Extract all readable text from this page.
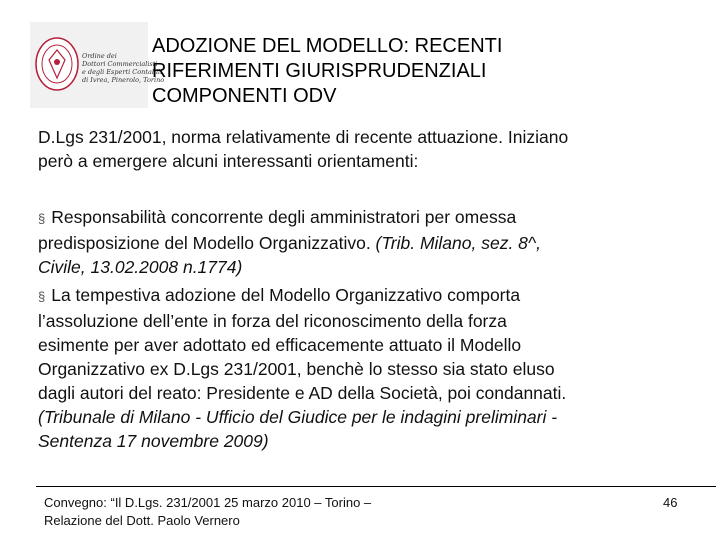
Ordine dei
Dottori Commercialisti
e degli Esperti Contabili
di Ivrea, Pinerolo, Torino
ADOZIONE DEL MODELLO: RECENTI
RIFERIMENTI GIURISPRUDENZIALI
COMPONENTI ODV
D.Lgs 231/2001, norma relativamente di recente attuazione. Iniziano
però a emergere alcuni interessanti orientamenti:
§ Responsabilità concorrente degli amministratori per omessa
predisposizione del Modello Organizzativo. (Trib. Milano, sez. 8^,
Civile, 13.02.2008 n.1774)
§ La tempestiva adozione del Modello Organizzativo comporta
l’assoluzione dell’ente in forza del riconoscimento della forza
esimente per aver adottato ed efficacemente attuato il Modello
Organizzativo ex D.Lgs 231/2001, benchè lo stesso sia stato eluso
dagli autori del reato: Presidente e AD della Società, poi condannati.
(Tribunale di Milano - Ufficio del Giudice per le indagini preliminari -
Sentenza 17 novembre 2009)
Convegno: “Il D.Lgs. 231/2001 25 marzo 2010 – Torino –
Relazione del Dott. Paolo Vernero
46
